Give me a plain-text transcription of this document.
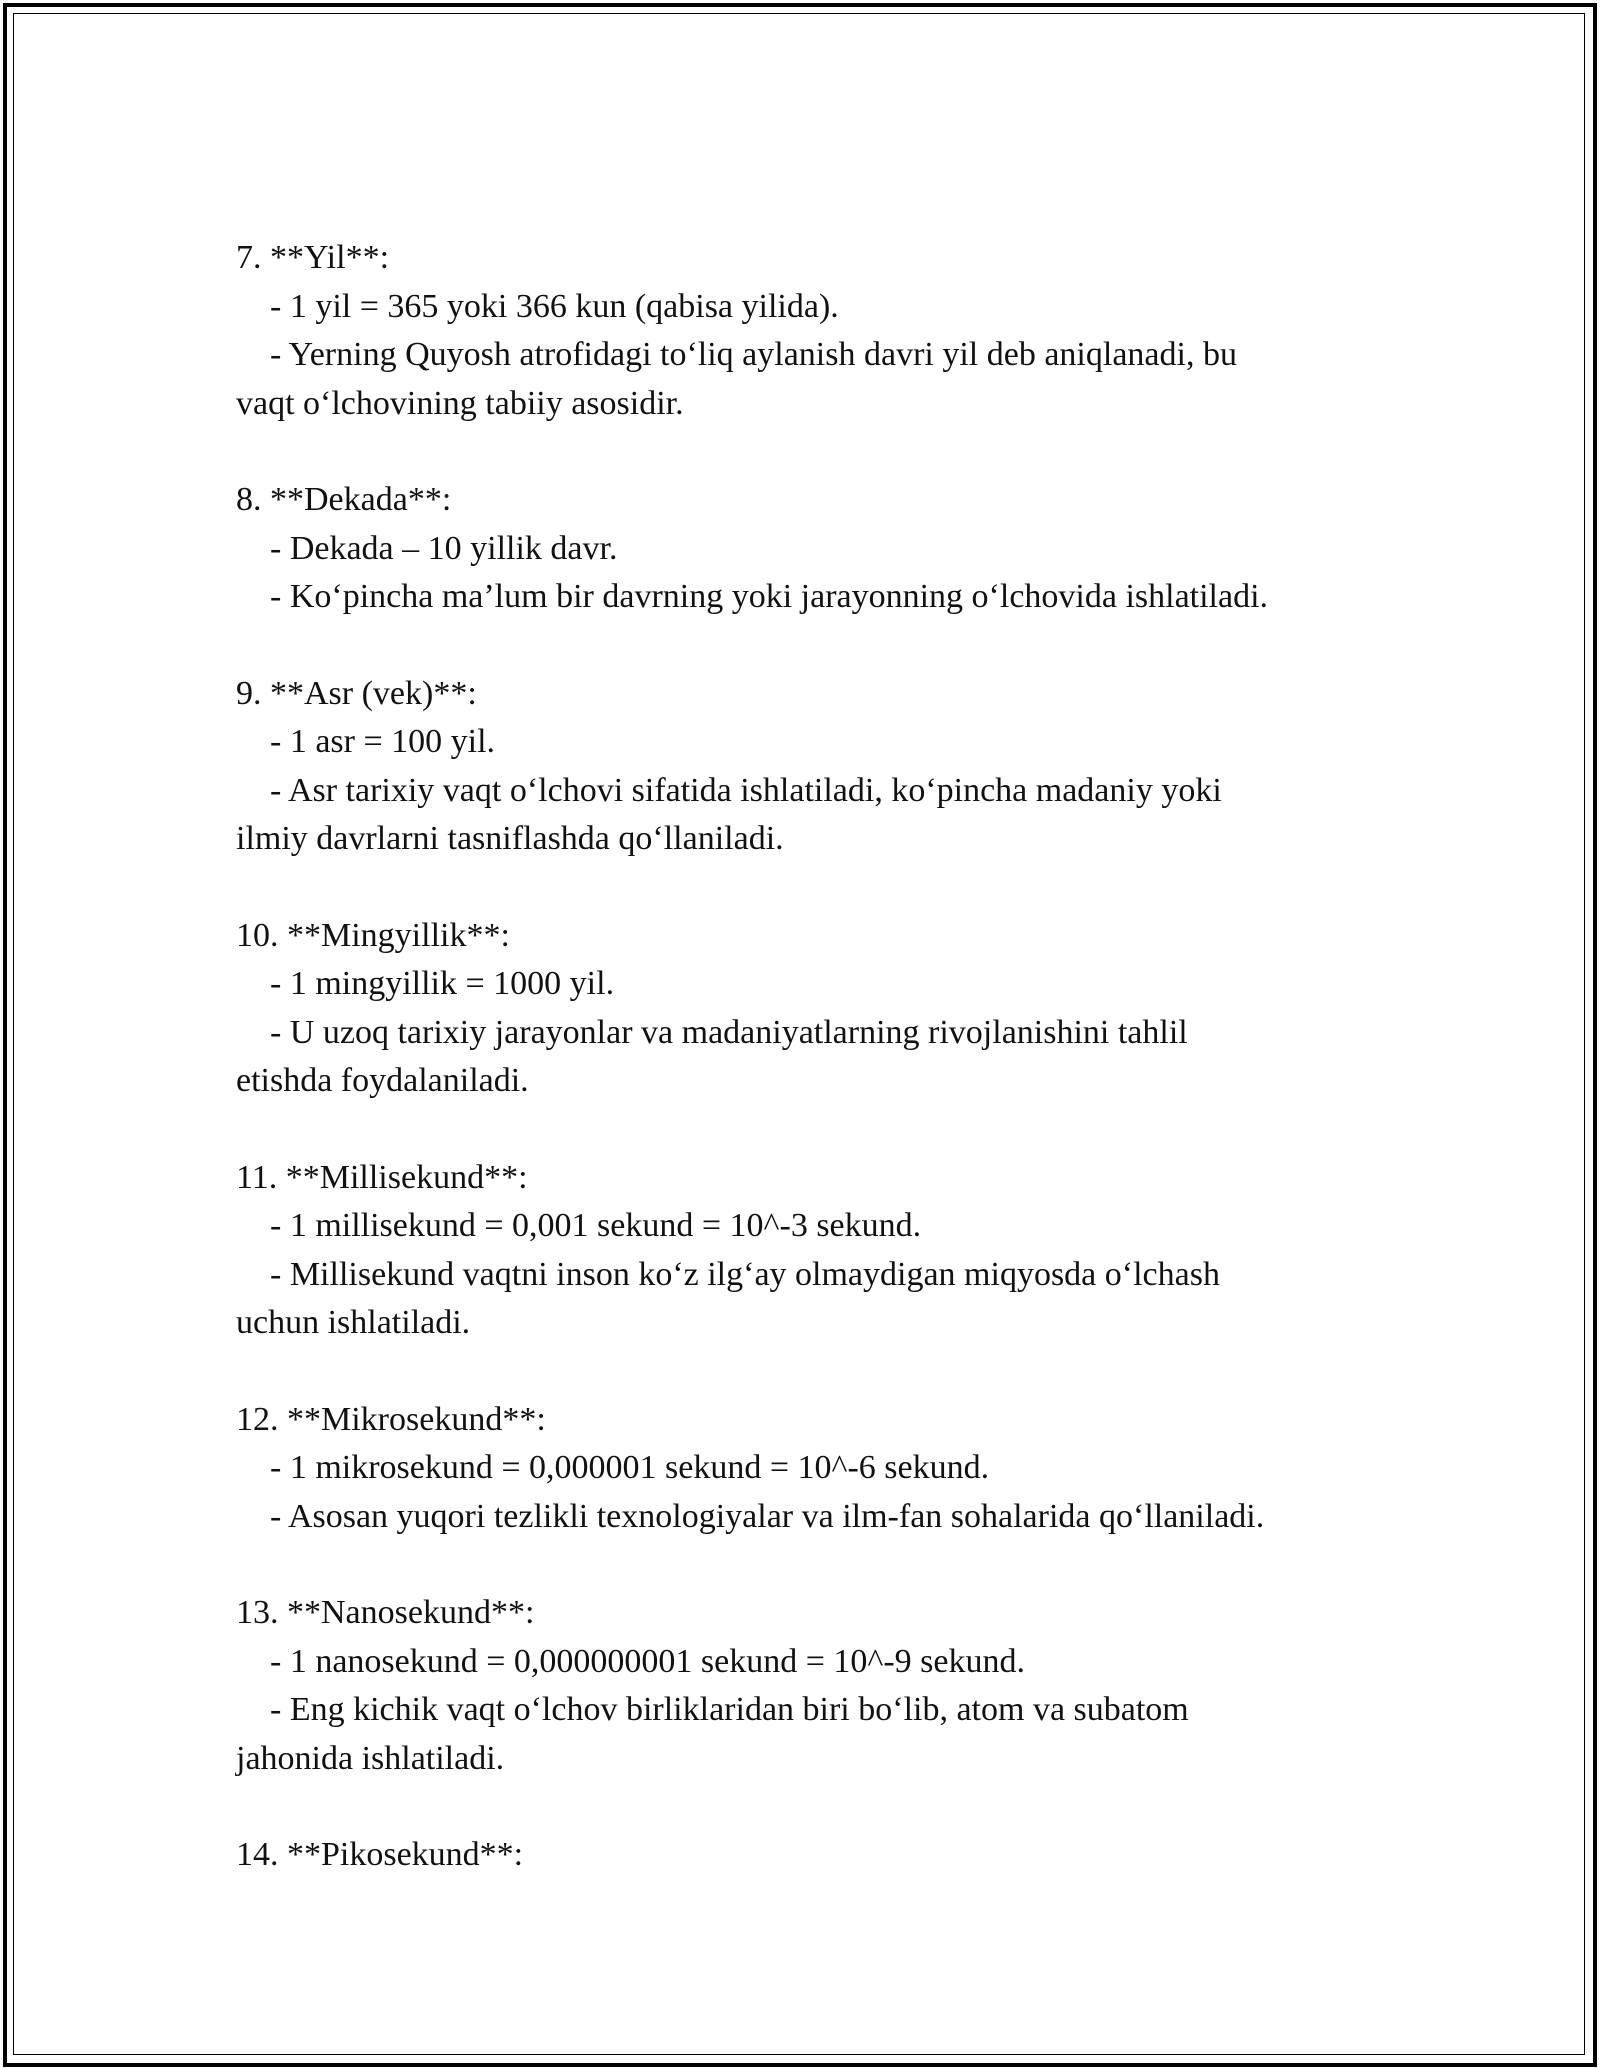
7. **Yil**:
- 1 yil = 365 yoki 366 kun (qabisa yilida).
- Yerning Quyosh atrofidagi to‘liq aylanish davri yil deb aniqlanadi, bu
vaqt o‘lchovining tabiiy asosidir.
8. **Dekada**:
- Dekada – 10 yillik davr.
- Ko‘pincha ma’lum bir davrning yoki jarayonning o‘lchovida ishlatiladi.
9. **Asr (vek)**:
- 1 asr = 100 yil.
- Asr tarixiy vaqt o‘lchovi sifatida ishlatiladi, ko‘pincha madaniy yoki
ilmiy davrlarni tasniflashda qo‘llaniladi.
10. **Mingyillik**:
- 1 mingyillik = 1000 yil.
- U uzoq tarixiy jarayonlar va madaniyatlarning rivojlanishini tahlil
etishda foydalaniladi.
11. **Millisekund**:
- 1 millisekund = 0,001 sekund = 10^-3 sekund.
- Millisekund vaqtni inson ko‘z ilg‘ay olmaydigan miqyosda o‘lchash
uchun ishlatiladi.
12. **Mikrosekund**:
- 1 mikrosekund = 0,000001 sekund = 10^-6 sekund.
- Asosan yuqori tezlikli texnologiyalar va ilm-fan sohalarida qo‘llaniladi.
13. **Nanosekund**:
- 1 nanosekund = 0,000000001 sekund = 10^-9 sekund.
- Eng kichik vaqt o‘lchov birliklaridan biri bo‘lib, atom va subatom
jahonida ishlatiladi.
14. **Pikosekund**:
